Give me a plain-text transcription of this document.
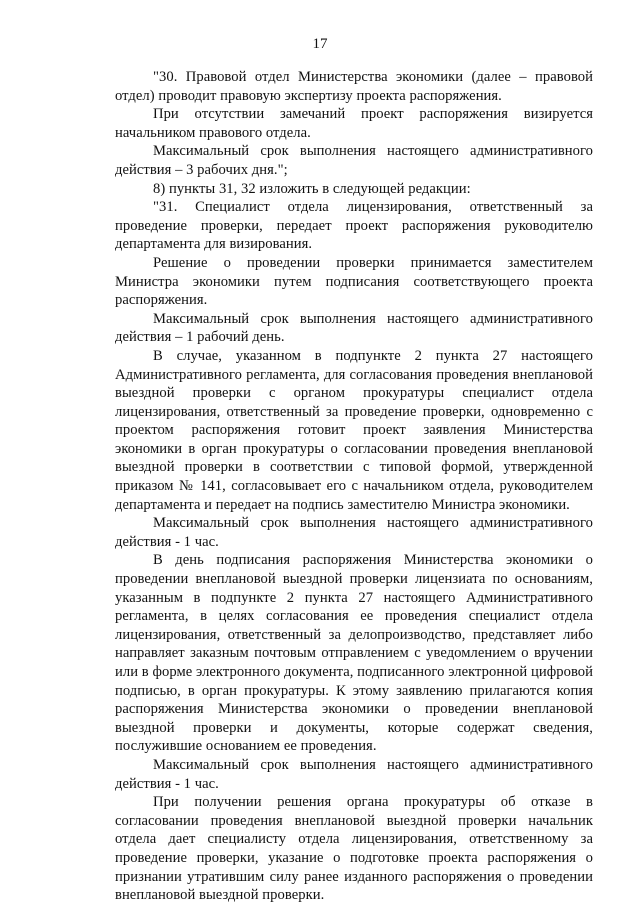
17

"30. Правовой отдел Министерства экономики (далее – правовой отдел) проводит правовую экспертизу проекта распоряжения.

При отсутствии замечаний проект распоряжения визируется начальником правового отдела.

Максимальный срок выполнения настоящего административного действия – 3 рабочих дня.";

8) пункты 31, 32 изложить в следующей редакции:

"31. Специалист отдела лицензирования, ответственный за проведение проверки, передает проект распоряжения руководителю департамента для визирования.

Решение о проведении проверки принимается заместителем Министра экономики путем подписания соответствующего проекта распоряжения.

Максимальный срок выполнения настоящего административного действия – 1 рабочий день.

В случае, указанном в подпункте 2 пункта 27 настоящего Административного регламента, для согласования проведения внеплановой выездной проверки с органом прокуратуры специалист отдела лицензирования, ответственный за проведение проверки, одновременно с проектом распоряжения готовит проект заявления Министерства экономики в орган прокуратуры о согласовании проведения внеплановой выездной проверки в соответствии с типовой формой, утвержденной приказом № 141, согласовывает его с начальником отдела, руководителем департамента и передает на подпись заместителю Министра экономики.

Максимальный срок выполнения настоящего административного действия - 1 час.

В день подписания распоряжения Министерства экономики о проведении внеплановой выездной проверки лицензиата по основаниям, указанным в подпункте 2 пункта 27 настоящего Административного регламента, в целях согласования ее проведения специалист отдела лицензирования, ответственный за делопроизводство, представляет либо направляет заказным почтовым отправлением с уведомлением о вручении или в форме электронного документа, подписанного электронной цифровой подписью, в орган прокуратуры. К этому заявлению прилагаются копия распоряжения Министерства экономики о проведении внеплановой выездной проверки и документы, которые содержат сведения, послужившие основанием ее проведения.

Максимальный срок выполнения настоящего административного действия - 1 час.

При получении решения органа прокуратуры об отказе в согласовании проведения внеплановой выездной проверки начальник отдела дает специалисту отдела лицензирования, ответственному за проведение проверки, указание о подготовке проекта распоряжения о признании утратившим силу ранее изданного распоряжения о проведении внеплановой выездной проверки.
